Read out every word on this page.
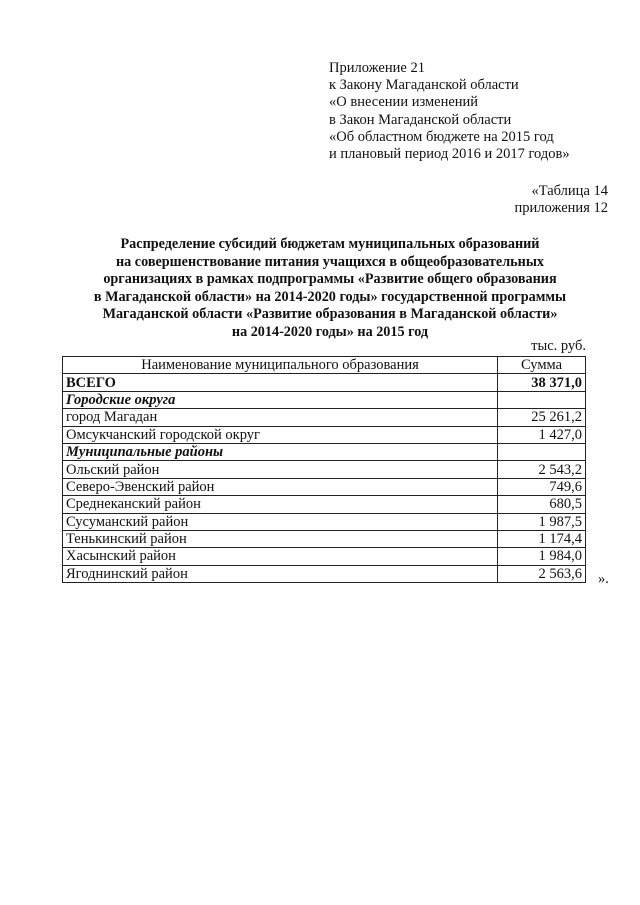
Приложение 21
к Закону Магаданской области
«О внесении изменений
в Закон Магаданской области
«Об областном бюджете на 2015 год
и плановый период 2016 и 2017 годов»
«Таблица 14
приложения 12
Распределение субсидий бюджетам муниципальных образований
на совершенствование питания учащихся в общеобразовательных
организациях в рамках подпрограммы «Развитие общего образования
в Магаданской области» на 2014-2020 годы» государственной программы
Магаданской области «Развитие образования в Магаданской области»
на 2014-2020 годы» на 2015 год
тыс. руб.
Наименование муниципального образования	Сумма
ВСЕГО	38 371,0
Городские округа	
город Магадан	25 261,2
Омсукчанский городской округ	1 427,0
Муниципальные районы	
Ольский район	2 543,2
Северо-Эвенский район	749,6
Среднеканский район	680,5
Сусуманский район	1 987,5
Тенькинский район	1 174,4
Хасынский район	1 984,0
Ягоднинский район	2 563,6 ».
